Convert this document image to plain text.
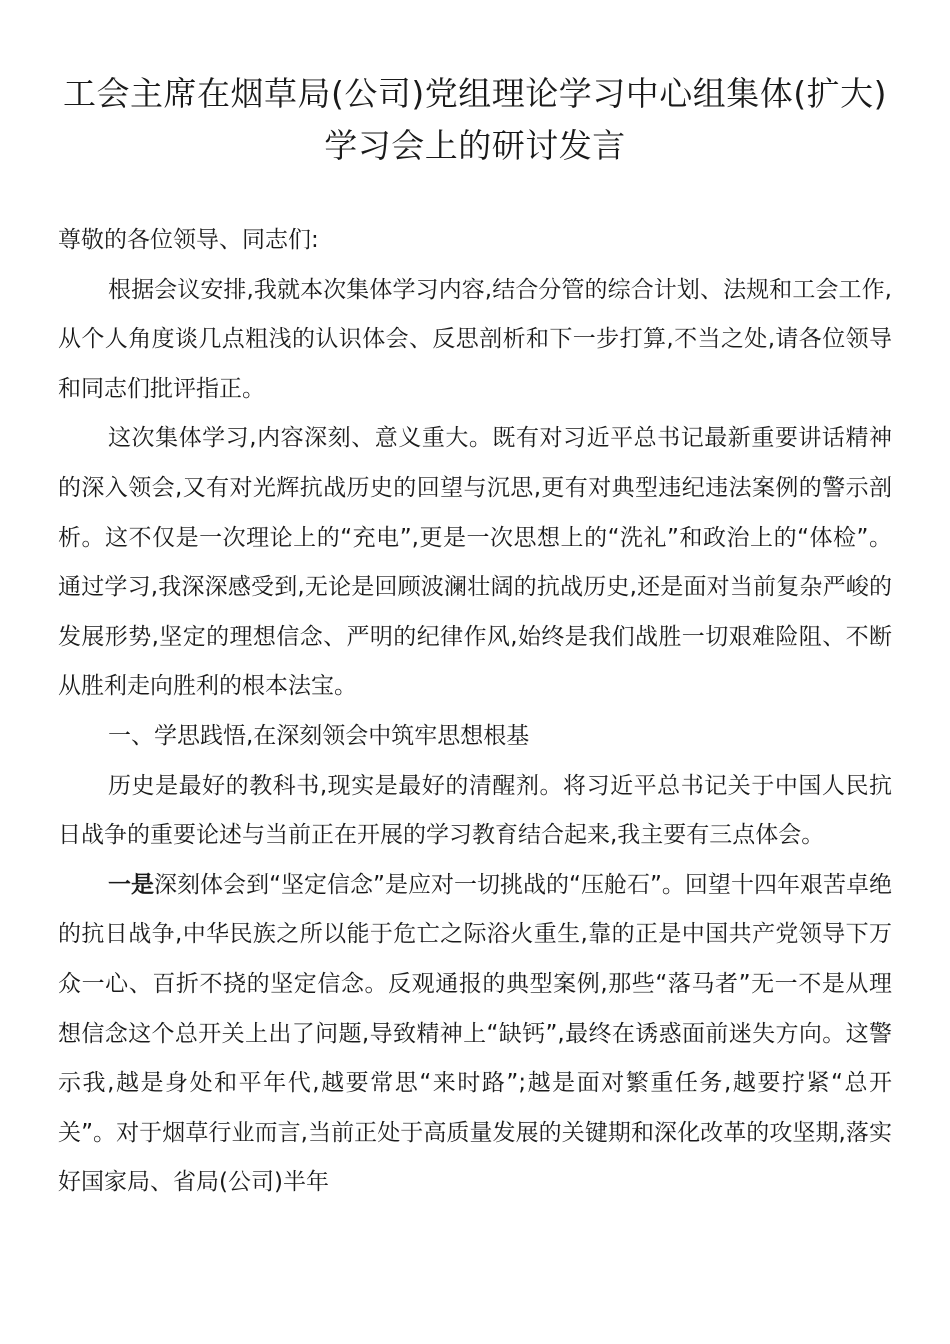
工会主席在烟草局(公司)党组理论学习中心组集体(扩大)学习会上的研讨发言

尊敬的各位领导、同志们:

根据会议安排,我就本次集体学习内容,结合分管的综合计划、法规和工会工作,从个人角度谈几点粗浅的认识体会、反思剖析和下一步打算,不当之处,请各位领导和同志们批评指正。

这次集体学习,内容深刻、意义重大。既有对习近平总书记最新重要讲话精神的深入领会,又有对光辉抗战历史的回望与沉思,更有对典型违纪违法案例的警示剖析。这不仅是一次理论上的“充电”,更是一次思想上的“洗礼”和政治上的“体检”。通过学习,我深深感受到,无论是回顾波澜壮阔的抗战历史,还是面对当前复杂严峻的发展形势,坚定的理想信念、严明的纪律作风,始终是我们战胜一切艰难险阻、不断从胜利走向胜利的根本法宝。

一、学思践悟,在深刻领会中筑牢思想根基

历史是最好的教科书,现实是最好的清醒剂。将习近平总书记关于中国人民抗日战争的重要论述与当前正在开展的学习教育结合起来,我主要有三点体会。

一是深刻体会到“坚定信念”是应对一切挑战的“压舱石”。回望十四年艰苦卓绝的抗日战争,中华民族之所以能于危亡之际浴火重生,靠的正是中国共产党领导下万众一心、百折不挠的坚定信念。反观通报的典型案例,那些“落马者”无一不是从理想信念这个总开关上出了问题,导致精神上“缺钙”,最终在诱惑面前迷失方向。这警示我,越是身处和平年代,越要常思“来时路”;越是面对繁重任务,越要拧紧“总开关”。对于烟草行业而言,当前正处于高质量发展的关键期和深化改革的攻坚期,落实好国家局、省局(公司)半年
